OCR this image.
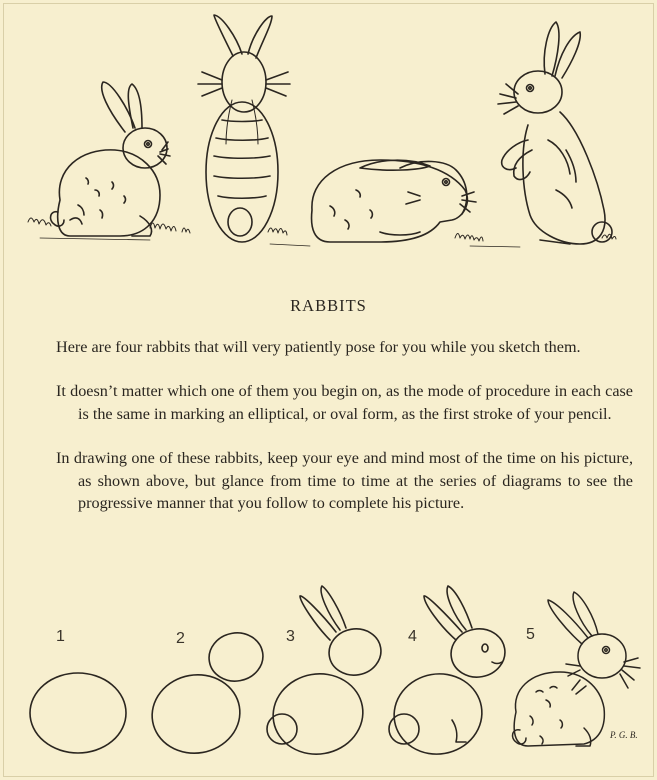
RABBITS

Here are four rabbits that will very patiently pose for you while you sketch them.

It doesn’t matter which one of them you begin on, as the mode of procedure in each case is the same in marking an elliptical, or oval form, as the first stroke of your pencil.

In drawing one of these rabbits, keep your eye and mind most of the time on his picture, as shown above, but glance from time to time at the series of diagrams to see the progressive manner that you follow to complete his picture.

1	2	3	4	5
P. G. B.
